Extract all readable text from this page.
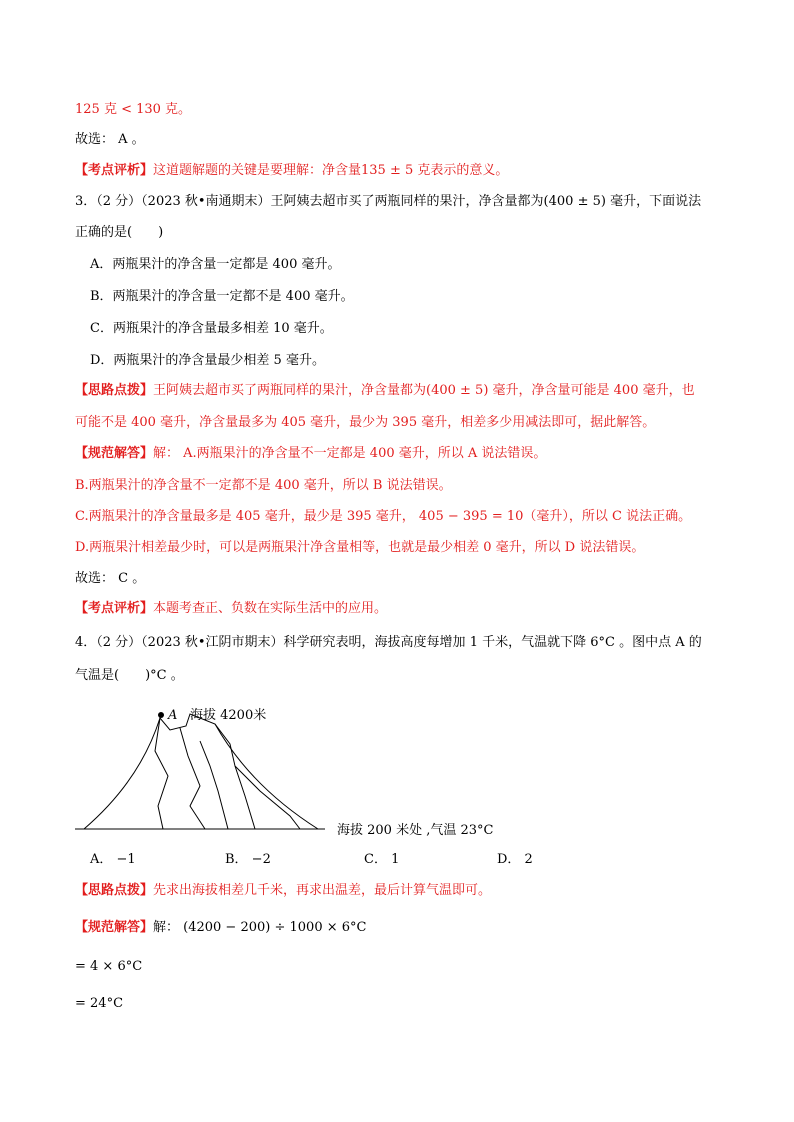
125 克 < 130 克。
故选： A 。
【考点评析】这道题解题的关键是要理解：净含量135 ± 5 克表示的意义。
3．（2 分）（2023 秋•南通期末）王阿姨去超市买了两瓶同样的果汁，净含量都为(400 ± 5) 毫升，下面说法
正确的是(　　)
A．两瓶果汁的净含量一定都是 400 毫升。
B．两瓶果汁的净含量一定都不是 400 毫升。
C．两瓶果汁的净含量最多相差 10 毫升。
D．两瓶果汁的净含量最少相差 5 毫升。
【思路点拨】王阿姨去超市买了两瓶同样的果汁，净含量都为(400 ± 5) 毫升，净含量可能是 400 毫升，也
可能不是 400 毫升，净含量最多为 405 毫升，最少为 395 毫升，相差多少用减法即可，据此解答。
【规范解答】解： A.两瓶果汁的净含量不一定都是 400 毫升，所以 A 说法错误。
B.两瓶果汁的净含量不一定都不是 400 毫升，所以 B 说法错误。
C.两瓶果汁的净含量最多是 405 毫升，最少是 395 毫升， 405 − 395 = 10（毫升），所以 C 说法正确。
D.两瓶果汁相差最少时，可以是两瓶果汁净含量相等，也就是最少相差 0 毫升，所以 D 说法错误。
故选： C 。
【考点评析】本题考查正、负数在实际生活中的应用。
4．（2 分）（2023 秋•江阴市期末）科学研究表明，海拔高度每增加 1 千米，气温就下降 6°C 。图中点 A 的
气温是(　　)°C 。
A 海拔 4200米
海拔 200 米处 ,气温 23°C
A． −1	B． −2	C． 1	D． 2
【思路点拨】先求出海拔相差几千米，再求出温差，最后计算气温即可。
【规范解答】解： (4200 − 200) ÷ 1000 × 6°C
= 4 × 6°C
= 24°C
